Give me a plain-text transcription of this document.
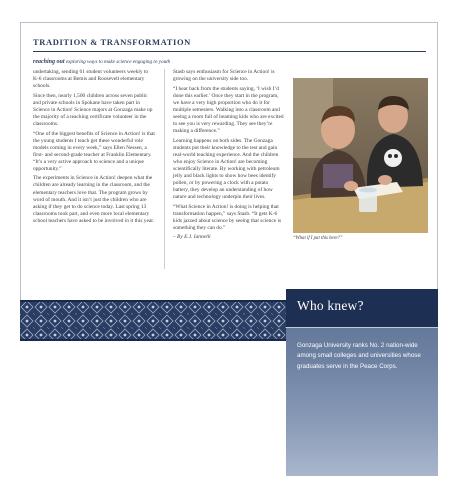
TRADITION & TRANSFORMATION
reaching out exploring ways to make science engaging to youth

undertaking, sending 61 student volunteers weekly to K-6 classrooms at Bemis and Roosevelt elementary schools.

Since then, nearly 1,500 children across seven public and private schools in Spokane have taken part in Science in Action! Science majors at Gonzaga make up the majority of a teaching certificate volunteer in the classrooms.

“One of the biggest benefits of Science in Action! is that the young students I teach get these wonderful role models coming in every week,” says Ellen Nessen, a first- and second-grade teacher at Franklin Elementary. “It’s a very active approach to science and a unique opportunity.”

The experiments in Science in Action! deepen what the children are already learning in the classroom, and the elementary teachers love that. The program grows by word of mouth. And it isn’t just the children who are asking if they get to do science today. Last spring 13 classrooms took part, and even more local elementary school teachers have asked to be involved in it this year.

Stasb says enthusiasm for Science in Action! is growing on the university side too.

“I hear back from the students saying, ‘I wish I’d done this earlier.’ Once they start in the program, we have a very high proportion who do it for multiple semesters. Walking into a classroom and seeing a room full of beaming kids who are excited to see you is very rewarding. They see they’re making a difference.”

Learning happens on both sides. The Gonzaga students put their knowledge to the test and gain real-world teaching experience. And the children who enjoy Science in Action! are becoming scientifically literate. By working with petroleum jelly and black lights to show how bees identify pollen, or by powering a clock with a potato battery, they develop an understanding of how nature and technology underpin their lives.

“What Science in Action! is doing is helping that transformation happen,” says Stasb. “It gets K-6 kids jazzed about science by seeing that science is something they can do.”

– By E.J. Iannelli	“What if I put this here?”
Who knew?
Gonzaga University ranks No. 2 nation-wide among small colleges and universities whose graduates serve in the Peace Corps.
